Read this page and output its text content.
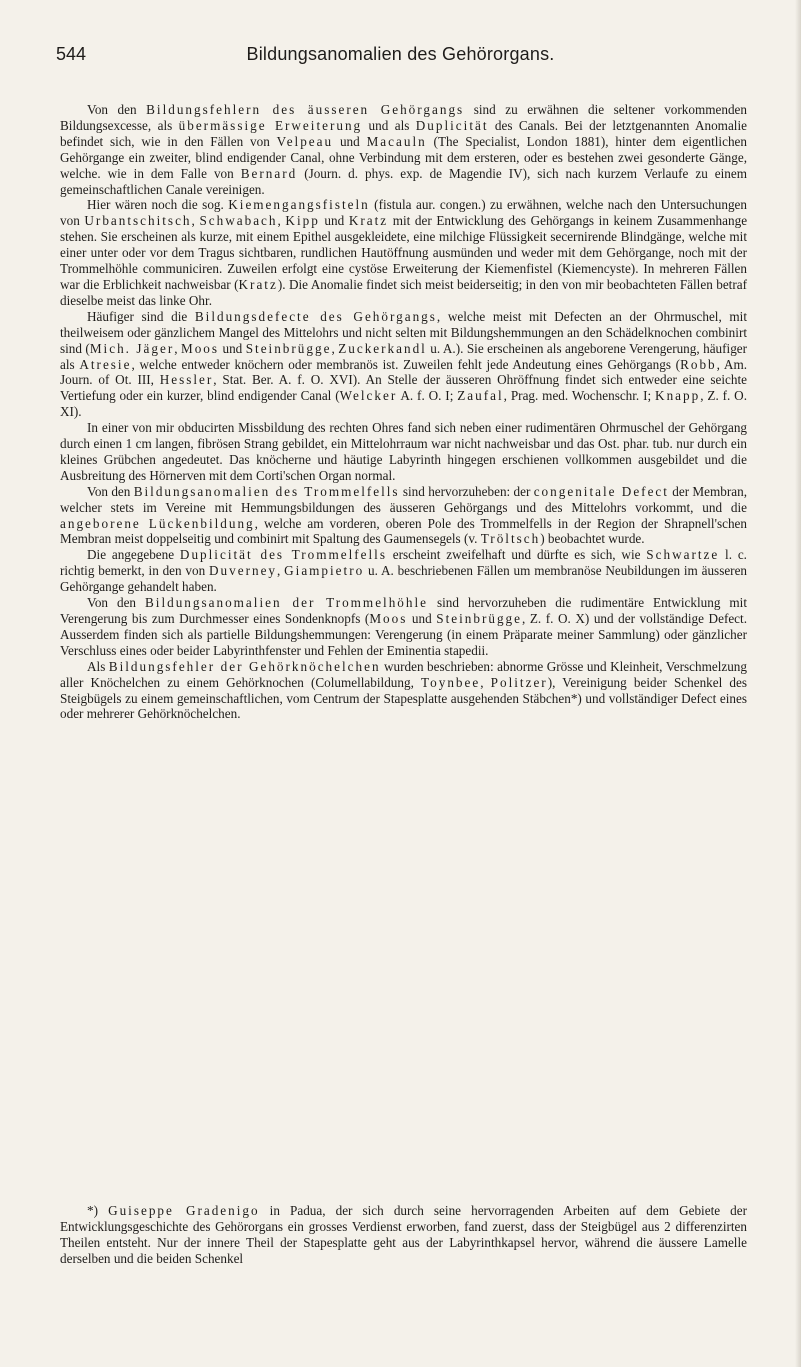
544	Bildungsanomalien des Gehörorgans.

Von den Bildungsfehlern des äusseren Gehörgangs sind zu erwähnen die seltener vorkommenden Bildungsexcesse, als übermässige Erweiterung und als Duplicität des Canals. Bei der letztgenannten Anomalie befindet sich, wie in den Fällen von Velpeau und Macauln (The Specialist, London 1881), hinter dem eigentlichen Gehörgange ein zweiter, blind endigender Canal, ohne Verbindung mit dem ersteren, oder es bestehen zwei gesonderte Gänge, welche. wie in dem Falle von Bernard (Journ. d. phys. exp. de Magendie IV), sich nach kurzem Verlaufe zu einem gemeinschaftlichen Canale vereinigen.

Hier wären noch die sog. Kiemengangsfisteln (fistula aur. congen.) zu erwähnen, welche nach den Untersuchungen von Urbantschitsch, Schwabach, Kipp und Kratz mit der Entwicklung des Gehörgangs in keinem Zusammenhange stehen. Sie erscheinen als kurze, mit einem Epithel ausgekleidete, eine milchige Flüssigkeit secernirende Blindgänge, welche mit einer unter oder vor dem Tragus sichtbaren, rundlichen Hautöffnung ausmünden und weder mit dem Gehörgange, noch mit der Trommelhöhle communiciren. Zuweilen erfolgt eine cystöse Erweiterung der Kiemenfistel (Kiemencyste). In mehreren Fällen war die Erblichkeit nachweisbar (Kratz). Die Anomalie findet sich meist beiderseitig; in den von mir beobachteten Fällen betraf dieselbe meist das linke Ohr.

Häufiger sind die Bildungsdefecte des Gehörgangs, welche meist mit Defecten an der Ohrmuschel, mit theilweisem oder gänzlichem Mangel des Mittelohrs und nicht selten mit Bildungshemmungen an den Schädelknochen combinirt sind (Mich. Jäger, Moos und Steinbrügge, Zuckerkandl u. A.). Sie erscheinen als angeborene Verengerung, häufiger als Atresie, welche entweder knöchern oder membranös ist. Zuweilen fehlt jede Andeutung eines Gehörgangs (Robb, Am. Journ. of Ot. III, Hessler, Stat. Ber. A. f. O. XVI). An Stelle der äusseren Ohröffnung findet sich entweder eine seichte Vertiefung oder ein kurzer, blind endigender Canal (Welcker A. f. O. I; Zaufal, Prag. med. Wochenschr. I; Knapp, Z. f. O. XI).

In einer von mir obducirten Missbildung des rechten Ohres fand sich neben einer rudimentären Ohrmuschel der Gehörgang durch einen 1 cm langen, fibrösen Strang gebildet, ein Mittelohrraum war nicht nachweisbar und das Ost. phar. tub. nur durch ein kleines Grübchen angedeutet. Das knöcherne und häutige Labyrinth hingegen erschienen vollkommen ausgebildet und die Ausbreitung des Hörnerven mit dem Corti'schen Organ normal.

Von den Bildungsanomalien des Trommelfells sind hervorzuheben: der congenitale Defect der Membran, welcher stets im Vereine mit Hemmungsbildungen des äusseren Gehörgangs und des Mittelohrs vorkommt, und die angeborene Lückenbildung, welche am vorderen, oberen Pole des Trommelfells in der Region der Shrapnell'schen Membran meist doppelseitig und combinirt mit Spaltung des Gaumensegels (v. Tröltsch) beobachtet wurde.

Die angegebene Duplicität des Trommelfells erscheint zweifelhaft und dürfte es sich, wie Schwartze l. c. richtig bemerkt, in den von Duverney, Giampietro u. A. beschriebenen Fällen um membranöse Neubildungen im äusseren Gehörgange gehandelt haben.

Von den Bildungsanomalien der Trommelhöhle sind hervorzuheben die rudimentäre Entwicklung mit Verengerung bis zum Durchmesser eines Sondenknopfs (Moos und Steinbrügge, Z. f. O. X) und der vollständige Defect. Ausserdem finden sich als partielle Bildungshemmungen: Verengerung (in einem Präparate meiner Sammlung) oder gänzlicher Verschluss eines oder beider Labyrinthfenster und Fehlen der Eminentia stapedii.

Als Bildungsfehler der Gehörknöchelchen wurden beschrieben: abnorme Grösse und Kleinheit, Verschmelzung aller Knöchelchen zu einem Gehörknochen (Columellabildung, Toynbee, Politzer), Vereinigung beider Schenkel des Steigbügels zu einem gemeinschaftlichen, vom Centrum der Stapesplatte ausgehenden Stäbchen*) und vollständiger Defect eines oder mehrerer Gehörknöchelchen.

*) Guiseppe Gradenigo in Padua, der sich durch seine hervorragenden Arbeiten auf dem Gebiete der Entwicklungsgeschichte des Gehörorgans ein grosses Verdienst erworben, fand zuerst, dass der Steigbügel aus 2 differenzirten Theilen entsteht. Nur der innere Theil der Stapesplatte geht aus der Labyrinthkapsel hervor, während die äussere Lamelle derselben und die beiden Schenkel
